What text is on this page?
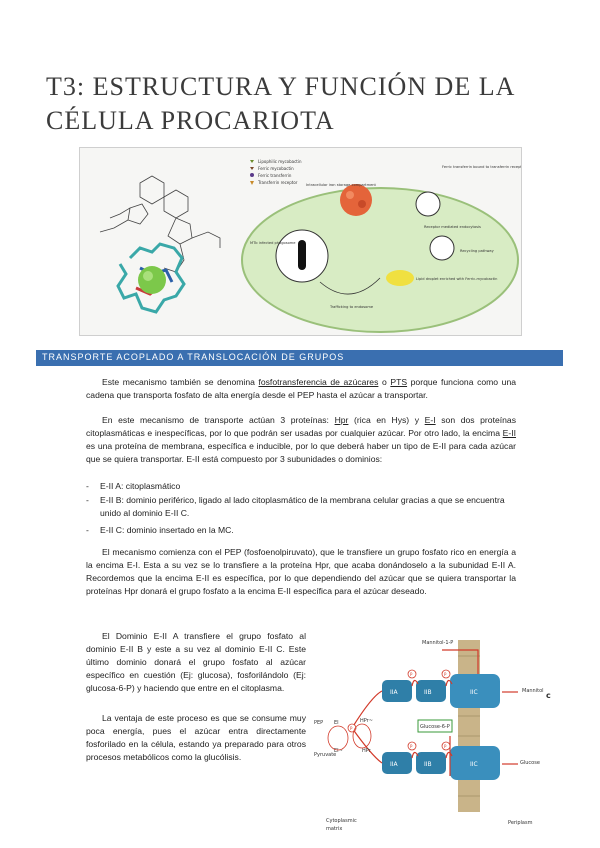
T3: ESTRUCTURA Y FUNCIÓN DE LA CÉLULA PROCARIOTA
Lipophilic mycobactin
Ferric mycobactin
Ferric transferrin
Transferrin receptor Intracellular iron storage compartment
Receptor mediated endocytosis
Recycling pathway
Ferric transferrin bound to transferrin receptor
MTb infected phagosome
Lipid droplet enriched with Ferric-mycobactin
Trafficking to endosome
TRANSPORTE ACOPLADO A TRANSLOCACIÓN DE GRUPOS
Este mecanismo también se denomina fosfotransferencia de azúcares o PTS porque funciona como una cadena que transporta fosfato de alta energía desde el PEP hasta el azúcar a transportar.
En este mecanismo de transporte actúan 3 proteínas: Hpr (rica en Hys) y E-I son dos proteínas citoplasmáticas e inespecíficas, por lo que podrán ser usadas por cualquier azúcar. Por otro lado, la encima E-II es una proteína de membrana, específica e inducible, por lo que deberá haber un tipo de E-II para cada azúcar que se quiera transportar. E-II está compuesto por 3 subunidades o dominios:
- E-II A: citoplasmático
- E-II B: dominio periférico, ligado al lado citoplasmático de la membrana celular gracias a que se encuentra unido al dominio E-II C.
- E-II C: dominio insertado en la MC.
El mecanismo comienza con el PEP (fosfoenolpiruvato), que le transfiere un grupo fosfato rico en energía a la encima E-I. Esta a su vez se lo transfiere a la proteína Hpr, que acaba donándoselo a la subunidad E-II A. Recordemos que la encima E-II es específica, por lo que dependiendo del azúcar que se quiera transportar la proteínas Hpr donará el grupo fosfato a la encima E-II específica para el azúcar deseado.
El Dominio E-II A transfiere el grupo fosfato al dominio E-II B y este a su vez al dominio E-II C. Este último dominio donará el grupo fosfato al azúcar específico en cuestión (Ej: glucosa), fosforilándolo (Ej: glucosa-6-P) y haciendo que entre en el citoplasma.
La ventaja de este proceso es que se consume muy poca energía, pues el azúcar entra directamente fosforilado en la célula, estando ya preparado para otros procesos metabólicos como la glucólisis.
IIA	IIB	IIC
IIA	IIB	IIC
Mannitol-1-P
Mannitol
Glucose-6-P
Glucose
c
P	P
P	P
P
PEP
Pyruvate
EI
EI~
HPr~
HPr
Cytoplasmic
matrix
Periplasm
